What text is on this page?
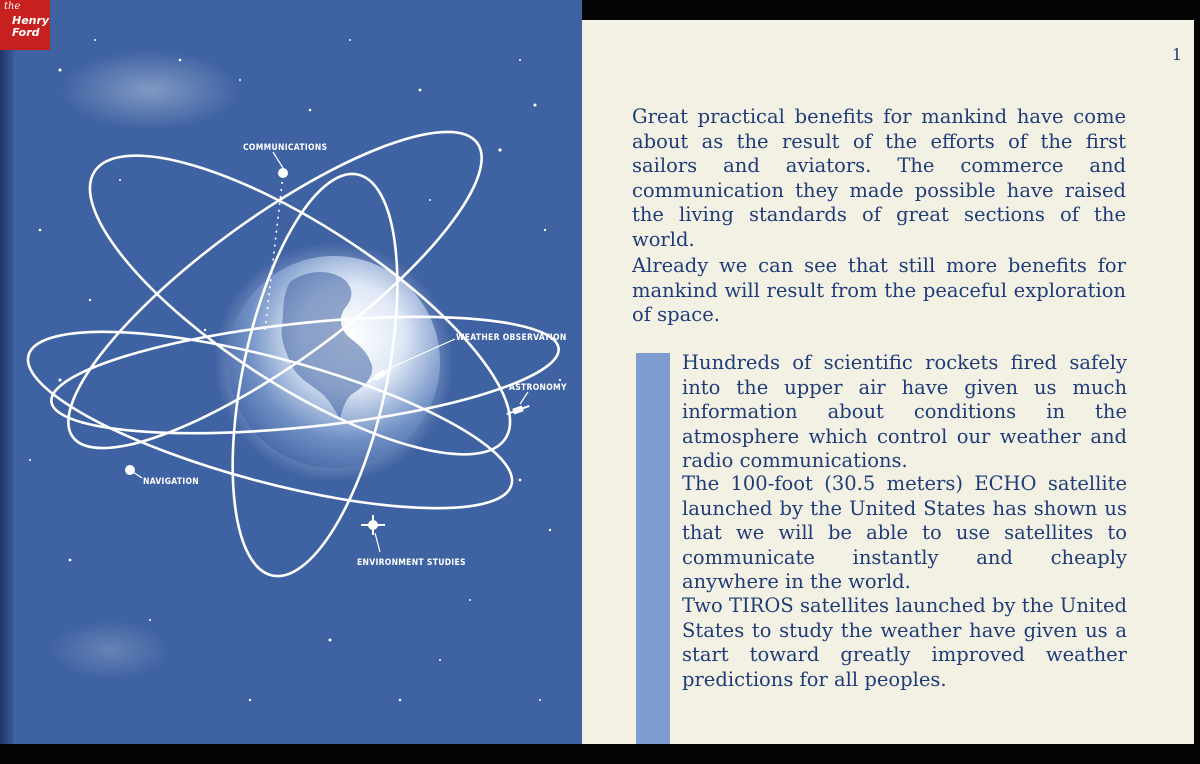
COMMUNICATIONS
WEATHER OBSERVATION
ASTRONOMY
NAVIGATION
ENVIRONMENT STUDIES
1

Great practical benefits for mankind have come about as the result of the efforts of the first sailors and aviators. The commerce and communication they made possible have raised the living standards of great sections of the world.

Already we can see that still more benefits for mankind will result from the peaceful exploration of space.

Hundreds of scientific rockets fired safely into the upper air have given us much information about conditions in the atmosphere which control our weather and radio communications.

The 100-foot (30.5 meters) ECHO satellite launched by the United States has shown us that we will be able to use satellites to communicate instantly and cheaply anywhere in the world.

Two TIROS satellites launched by the United States to study the weather have given us a start toward greatly improved weather predictions for all peoples.

the
Henry
Ford
